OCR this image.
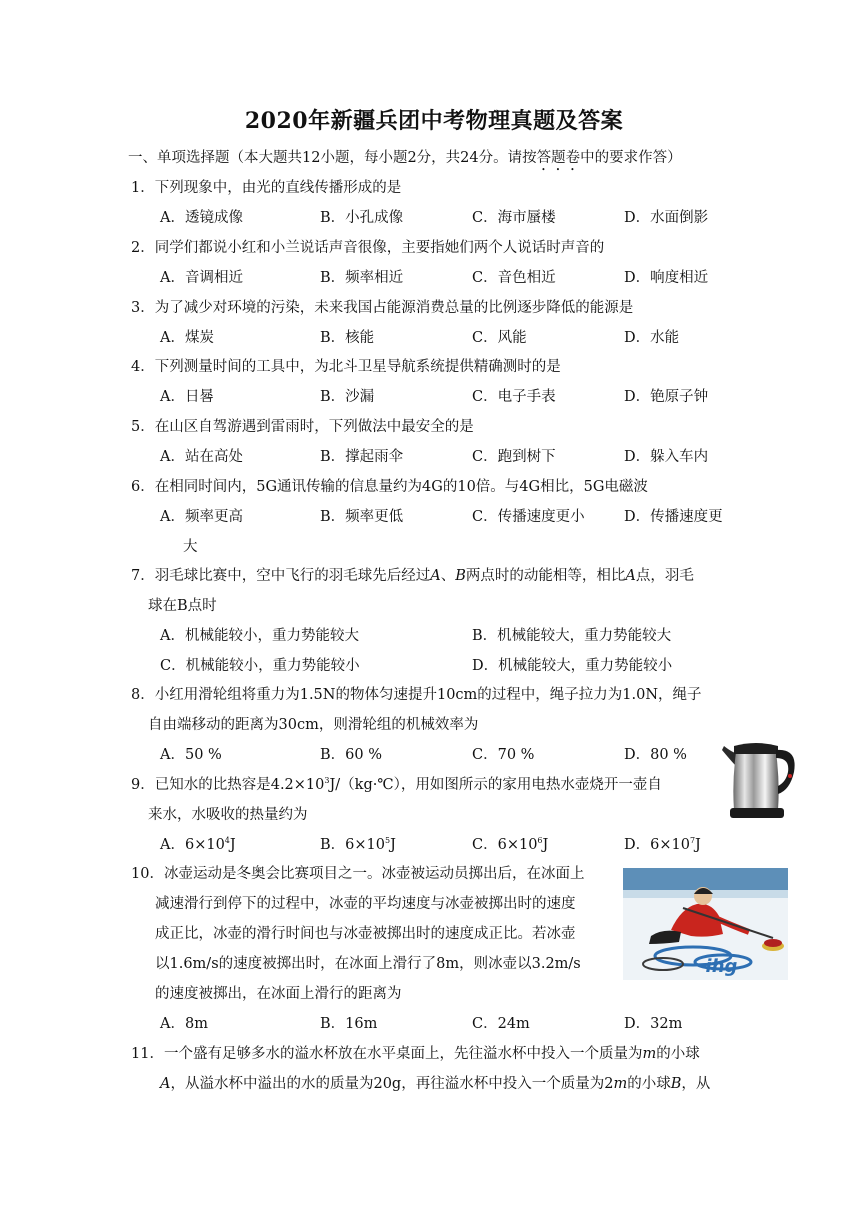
2020年新疆兵团中考物理真题及答案
一、单项选择题（本大题共12小题，每小题2分，共24分。请按答题卷中的要求作答）
1．下列现象中，由光的直线传播形成的是
A．透镜成像	B．小孔成像	C．海市蜃楼	D．水面倒影
2．同学们都说小红和小兰说话声音很像，主要指她们两个人说话时声音的
A．音调相近	B．频率相近	C．音色相近	D．响度相近
3．为了减少对环境的污染，未来我国占能源消费总量的比例逐步降低的能源是
A．煤炭	B．核能	C．风能	D．水能
4．下列测量时间的工具中，为北斗卫星导航系统提供精确测时的是
A．日晷	B．沙漏	C．电子手表	D．铯原子钟
5．在山区自驾游遇到雷雨时，下列做法中最安全的是
A．站在高处	B．撑起雨伞	C．跑到树下	D．躲入车内
6．在相同时间内，5G通讯传输的信息量约为4G的10倍。与4G相比，5G电磁波
A．频率更高	B．频率更低	C．传播速度更小	D．传播速度更
大
7．羽毛球比赛中，空中飞行的羽毛球先后经过A、B两点时的动能相等，相比A点，羽毛
球在B点时
A．机械能较小，重力势能较大	B．机械能较大，重力势能较大
C．机械能较小，重力势能较小	D．机械能较大，重力势能较小
8．小红用滑轮组将重力为1.5N的物体匀速提升10cm的过程中，绳子拉力为1.0N，绳子
自由端移动的距离为30cm，则滑轮组的机械效率为
A．50 %	B．60 %	C．70 %	D．80 %
9．已知水的比热容是$4.2\times 10^3J/(kg\cdot℃)$，用如图所示的家用电热水壶烧开一壶自
来水，水吸收的热量约为
A．$6\times 10^4J$	B．$6\times 10^5J$	C．$6\times 10^6J$	D．$6\times 10^7J$
ihg
10．冰壶运动是冬奥会比赛项目之一。冰壶被运动员掷出后，在冰面上
减速滑行到停下的过程中，冰壶的平均速度与冰壶被掷出时的速度
成正比，冰壶的滑行时间也与冰壶被掷出时的速度成正比。若冰壶
以1.6m/s的速度被掷出时，在冰面上滑行了8m，则冰壶以3.2m/s
的速度被掷出，在冰面上滑行的距离为
A．8m	B．16m	C．24m	D．32m
11．一个盛有足够多水的溢水杯放在水平桌面上，先往溢水杯中投入一个质量为m的小球
A，从溢水杯中溢出的水的质量为20g，再往溢水杯中投入一个质量为2m的小球B，从
